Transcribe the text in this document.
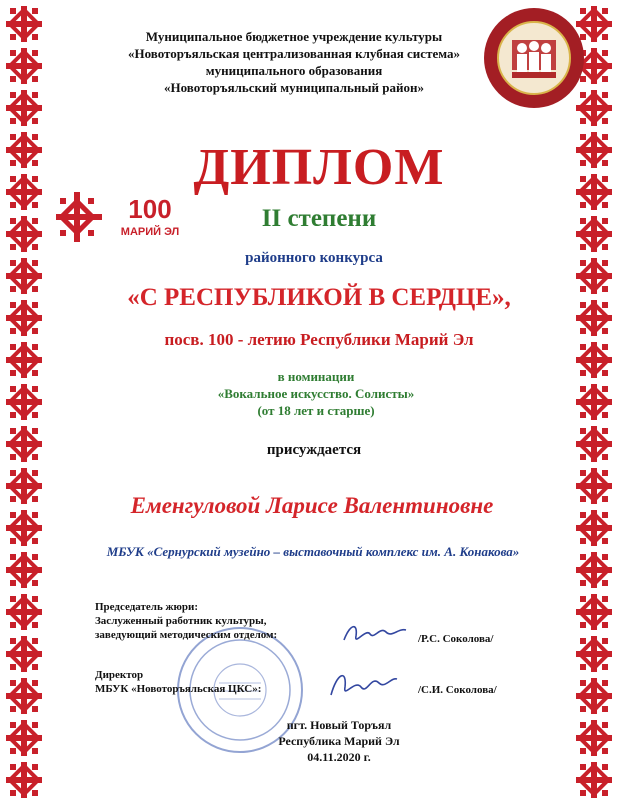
Муниципальное бюджетное учреждение культуры
«Новоторъяльская централизованная клубная система»
муниципального образования
«Новоторъяльский муниципальный район»
100
МАРИЙ ЭЛ
ДИПЛОМ
II степени
районного конкурса
«С РЕСПУБЛИКОЙ В СЕРДЦЕ»,
посв. 100 - летию Республики Марий Эл
в номинации
«Вокальное искусство. Солисты»
(от 18 лет и старше)
присуждается
Еменгуловой Ларисе Валентиновне
МБУК «Сернурский музейно – выставочный комплекс им. А. Конакова»
Председатель жюри:
Заслуженный работник культуры,
заведующий методическим отделом:	/Р.С. Соколова/
Директор
МБУК «Новоторъяльская ЦКС»:	/С.И. Соколова/
пгт. Новый Торъял
Республика Марий Эл
04.11.2020 г.
